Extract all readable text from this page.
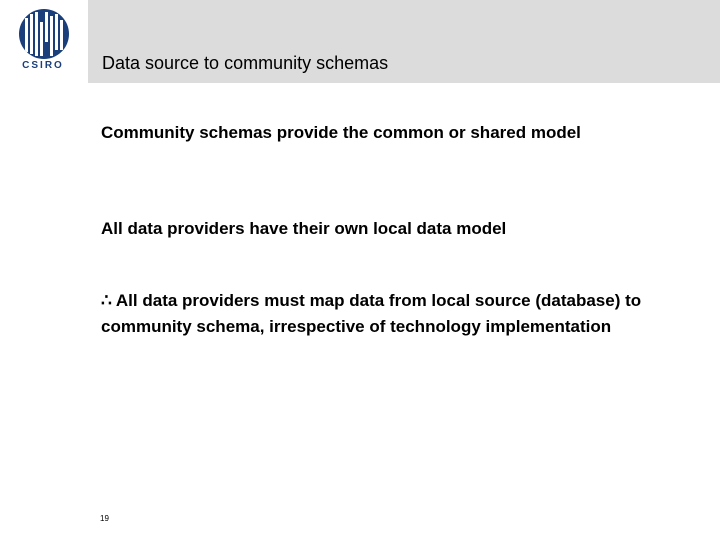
CSIRO	Data source to community schemas
Community schemas provide the common or shared model
All data providers have their own local data model
∴ All data providers must map data from local source (database) to community schema, irrespective of technology implementation
19
